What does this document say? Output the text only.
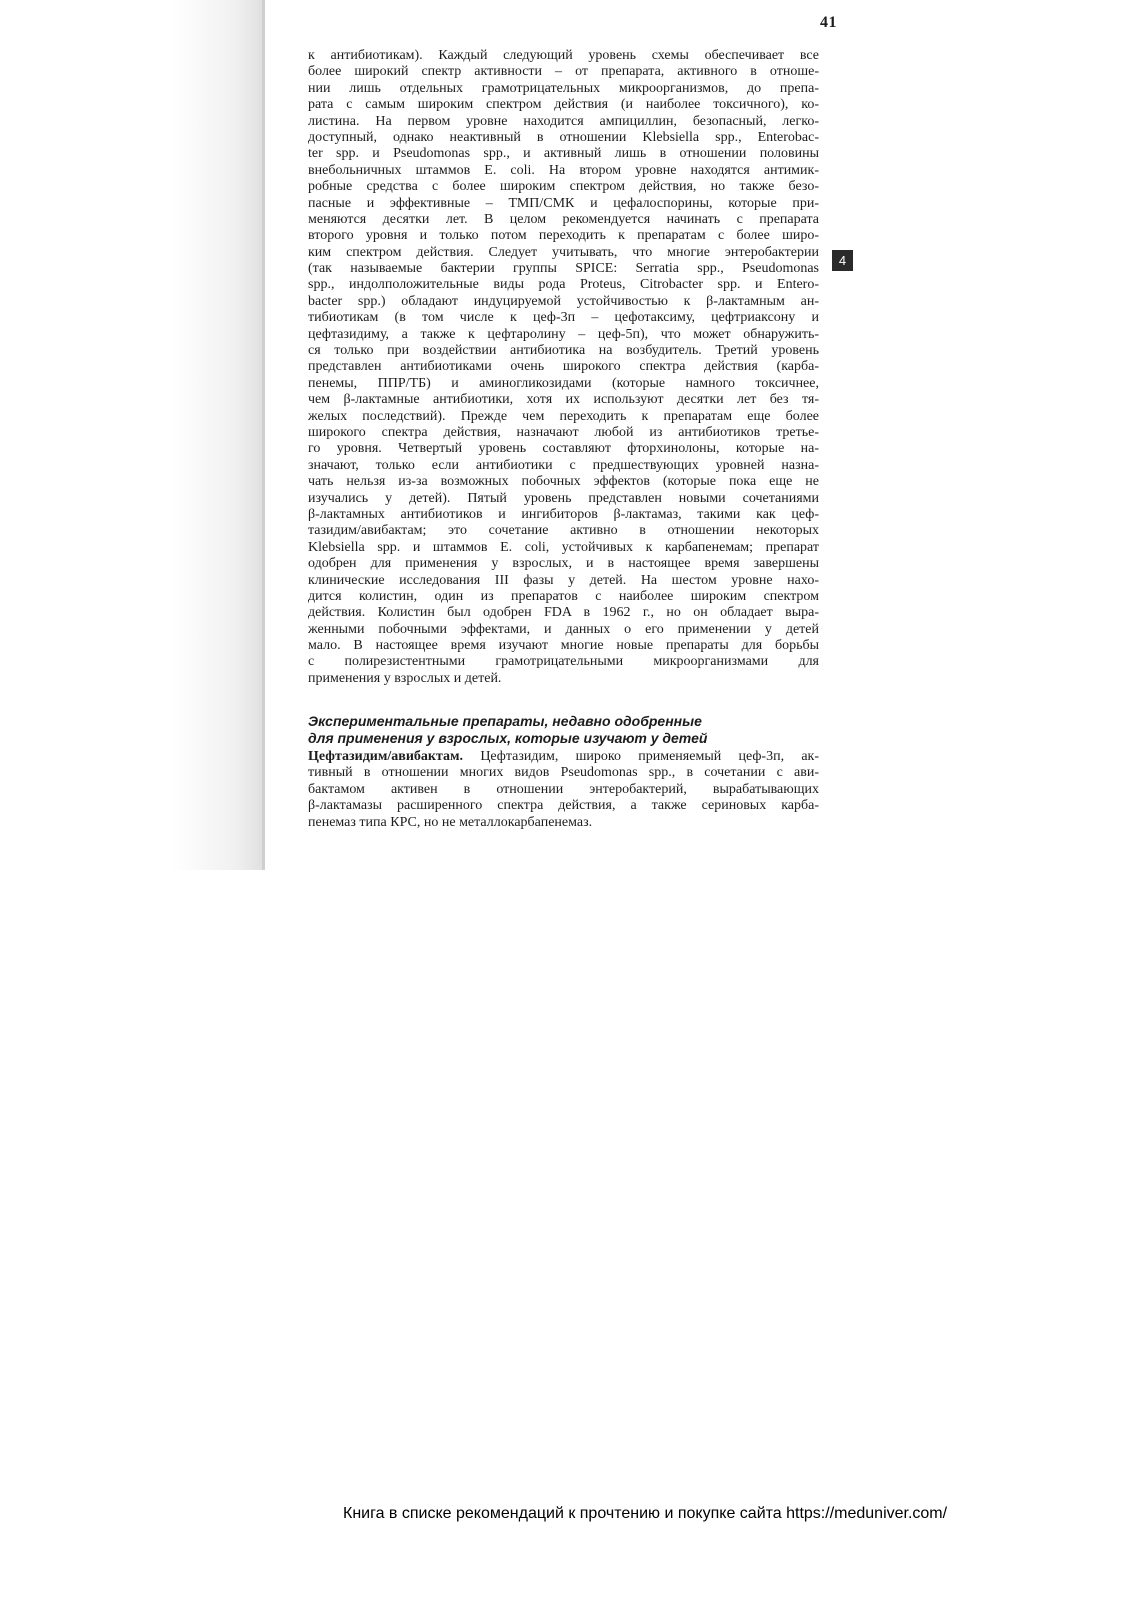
41
4
к антибиотикам). Каждый следующий уровень схемы обеспечивает все
более широкий спектр активности – от препарата, активного в отноше-
нии лишь отдельных грамотрицательных микроорганизмов, до препа-
рата с самым широким спектром действия (и наиболее токсичного), ко-
листина. На первом уровне находится ампициллин, безопасный, легко-
доступный, однако неактивный в отношении Klebsiella spp., Enterobac-
ter spp. и Pseudomonas spp., и активный лишь в отношении половины
внебольничных штаммов E. coli. На втором уровне находятся антимик-
робные средства с более широким спектром действия, но также безо-
пасные и эффективные – ТМП/СМК и цефалоспорины, которые при-
меняются десятки лет. В целом рекомендуется начинать с препарата
второго уровня и только потом переходить к препаратам с более широ-
ким спектром действия. Следует учитывать, что многие энтеробактерии
(так называемые бактерии группы SPICE: Serratia spp., Pseudomonas
spp., индолположительные виды рода Proteus, Citrobacter spp. и Entero-
bacter spp.) обладают индуцируемой устойчивостью к β-лактамным ан-
тибиотикам (в том числе к цеф-3п – цефотаксиму, цефтриаксону и
цефтазидиму, а также к цефтаролину – цеф-5п), что может обнаружить-
ся только при воздействии антибиотика на возбудитель. Третий уровень
представлен антибиотиками очень широкого спектра действия (карба-
пенемы, ППР/ТБ) и аминогликозидами (которые намного токсичнее,
чем β-лактамные антибиотики, хотя их используют десятки лет без тя-
желых последствий). Прежде чем переходить к препаратам еще более
широкого спектра действия, назначают любой из антибиотиков третье-
го уровня. Четвертый уровень составляют фторхинолоны, которые на-
значают, только если антибиотики с предшествующих уровней назна-
чать нельзя из-за возможных побочных эффектов (которые пока еще не
изучались у детей). Пятый уровень представлен новыми сочетаниями
β-лактамных антибиотиков и ингибиторов β-лактамаз, такими как цеф-
тазидим/авибактам; это сочетание активно в отношении некоторых
Klebsiella spp. и штаммов E. coli, устойчивых к карбапенемам; препарат
одобрен для применения у взрослых, и в настоящее время завершены
клинические исследования III фазы у детей. На шестом уровне нахо-
дится колистин, один из препаратов с наиболее широким спектром
действия. Колистин был одобрен FDA в 1962 г., но он обладает выра-
женными побочными эффектами, и данных о его применении у детей
мало. В настоящее время изучают многие новые препараты для борьбы
с полирезистентными грамотрицательными микроорганизмами для
применения у взрослых и детей.
Экспериментальные препараты, недавно одобренные
для применения у взрослых, которые изучают у детей
Цефтазидим/авибактам. Цефтазидим, широко применяемый цеф-3п, ак-
тивный в отношении многих видов Pseudomonas spp., в сочетании с ави-
бактамом активен в отношении энтеробактерий, вырабатывающих
β-лактамазы расширенного спектра действия, а также сериновых карба-
пенемаз типа КРС, но не металлокарбапенемаз.
Книга в списке рекомендаций к прочтению и покупке сайта https://meduniver.com/
